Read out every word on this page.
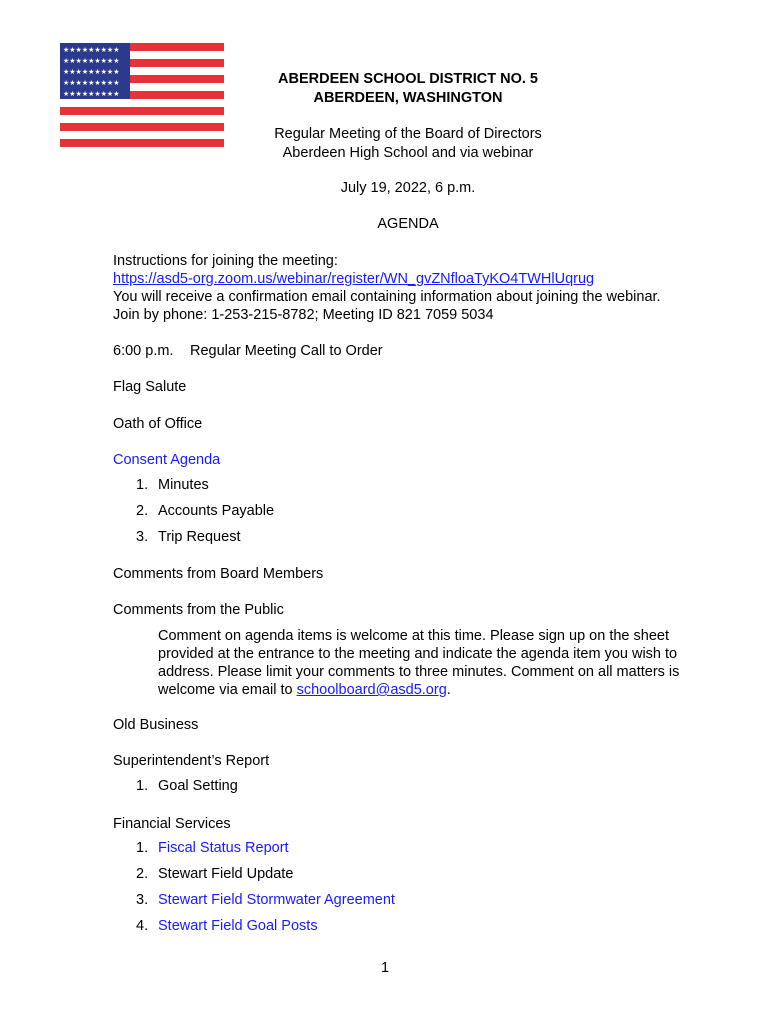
★★★★★★★★★
★★★★★★★★★
★★★★★★★★★
★★★★★★★★★
★★★★★★★★★
ABERDEEN SCHOOL DISTRICT NO. 5
ABERDEEN, WASHINGTON
Regular Meeting of the Board of Directors
Aberdeen High School and via webinar
July 19, 2022, 6 p.m.
AGENDA
Instructions for joining the meeting:
https://asd5-org.zoom.us/webinar/register/WN_gvZNfloaTyKO4TWHlUqrug
You will receive a confirmation email containing information about joining the webinar.
Join by phone: 1-253-215-8782; Meeting ID 821 7059 5034
6:00 p.m. Regular Meeting Call to Order
Flag Salute
Oath of Office
Consent Agenda
1. Minutes
2. Accounts Payable
3. Trip Request
Comments from Board Members
Comments from the Public
Comment on agenda items is welcome at this time. Please sign up on the sheet provided at the entrance to the meeting and indicate the agenda item you wish to address. Please limit your comments to three minutes. Comment on all matters is welcome via email to schoolboard@asd5.org.
Old Business
Superintendent’s Report
1. Goal Setting
Financial Services
1. Fiscal Status Report
2. Stewart Field Update
3. Stewart Field Stormwater Agreement
4. Stewart Field Goal Posts
1
